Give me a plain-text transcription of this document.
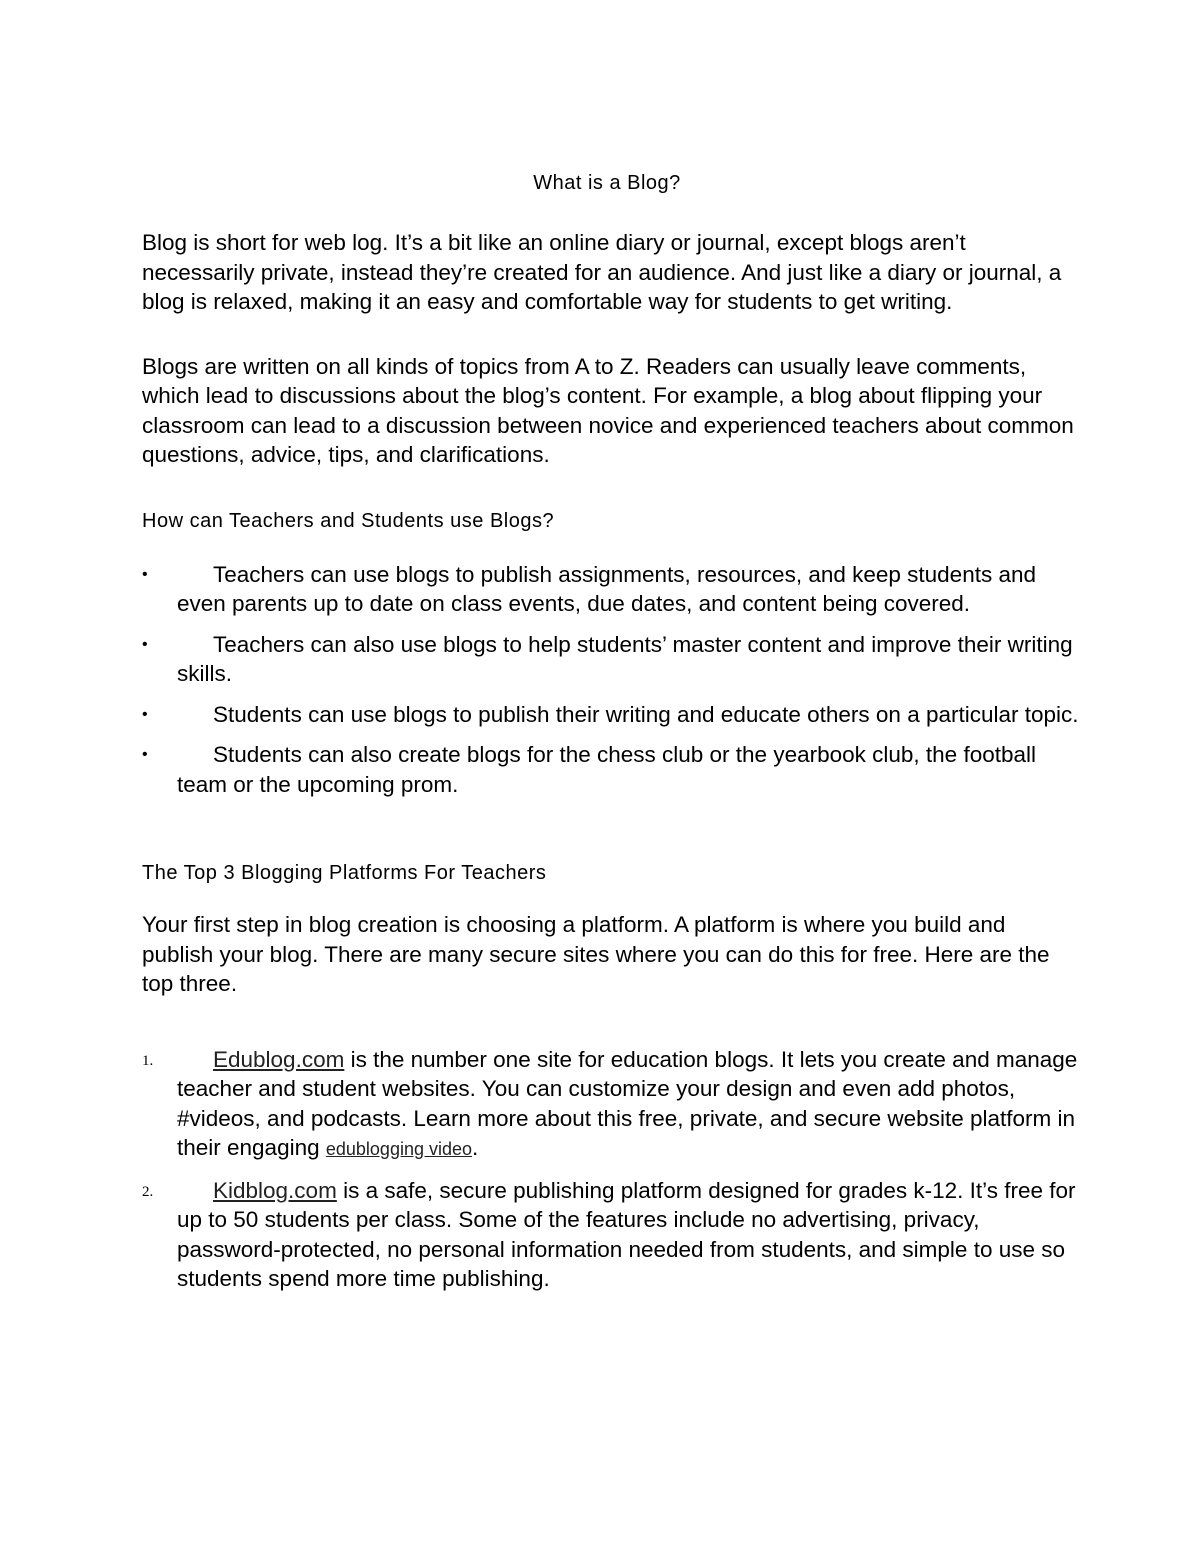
What is a Blog?

Blog is short for web log. It’s a bit like an online diary or journal, except blogs aren’t necessarily private, instead they’re created for an audience. And just like a diary or journal, a blog is relaxed, making it an easy and comfortable way for students to get writing.

Blogs are written on all kinds of topics from A to Z. Readers can usually leave comments, which lead to discussions about the blog’s content. For example, a blog about flipping your classroom can lead to a discussion between novice and experienced teachers about common questions, advice, tips, and clarifications.

How can Teachers and Students use Blogs?
•	Teachers can use blogs to publish assignments, resources, and keep students and even parents up to date on class events, due dates, and content being covered.
•	Teachers can also use blogs to help students’ master content and improve their writing skills.
•	Students can use blogs to publish their writing and educate others on a particular topic.
•	Students can also create blogs for the chess club or the yearbook club, the football team or the upcoming prom.
The Top 3 Blogging Platforms For Teachers

Your first step in blog creation is choosing a platform. A platform is where you build and publish your blog. There are many secure sites where you can do this for free. Here are the top three.

1.	Edublog.com is the number one site for education blogs. It lets you create and manage teacher and student websites. You can customize your design and even add photos, #videos, and podcasts. Learn more about this free, private, and secure website platform in their engaging edublogging video.
2.	Kidblog.com is a safe, secure publishing platform designed for grades k-12. It’s free for up to 50 students per class. Some of the features include no advertising, privacy, password-protected, no personal information needed from students, and simple to use so students spend more time publishing.
